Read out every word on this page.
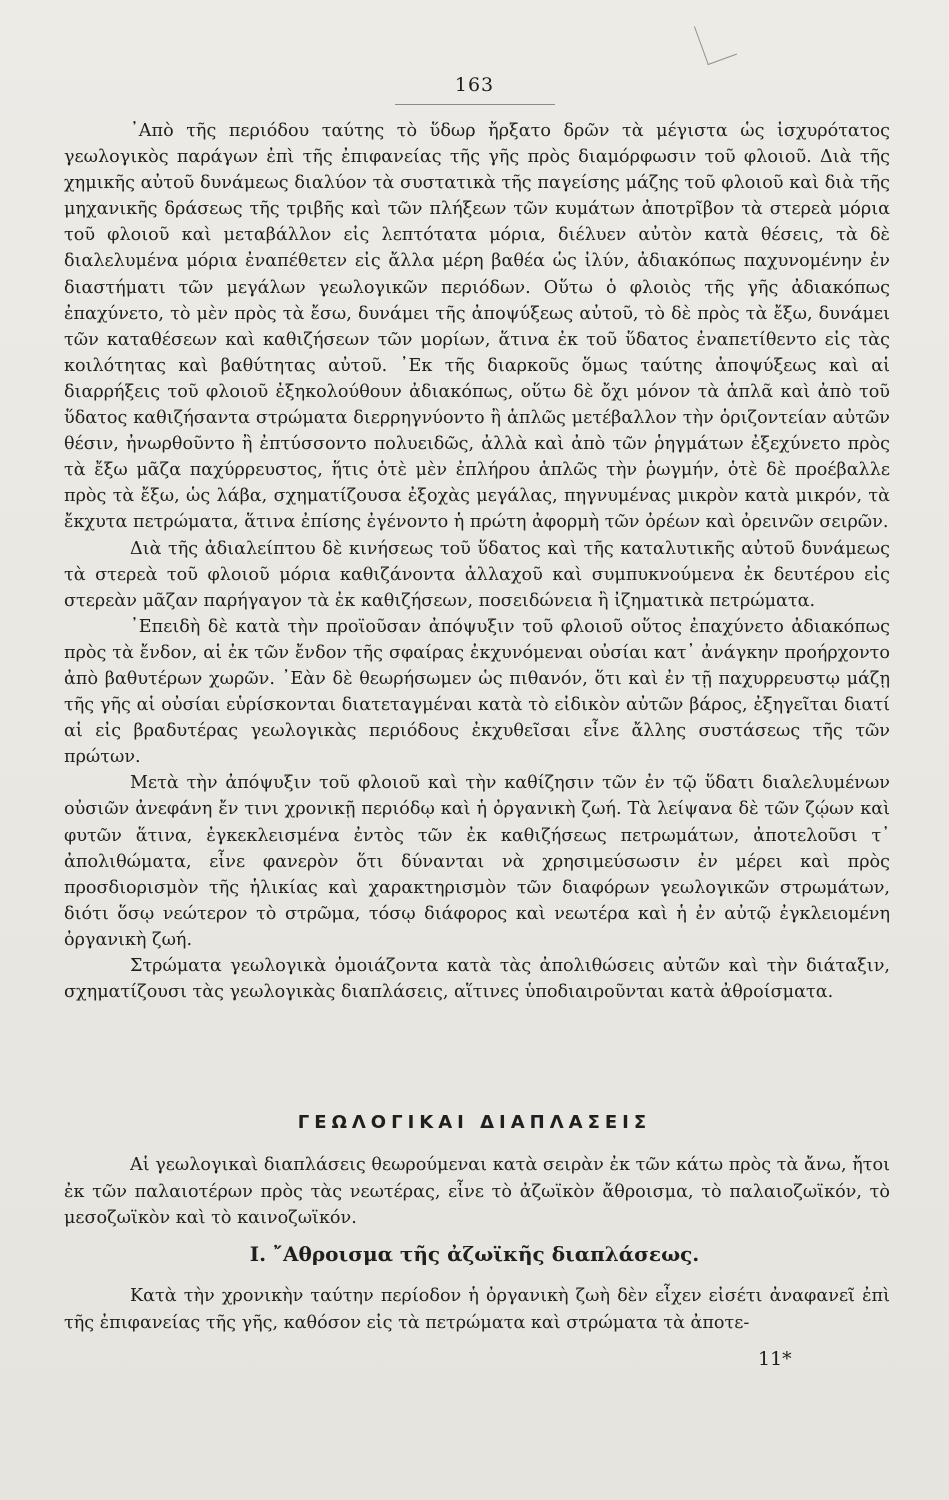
163

᾿Απὸ τῆς περιόδου ταύτης τὸ ὕδωρ ἤρξατο δρῶν τὰ μέγιστα ὡς ἰσχυρότατος γεωλογικὸς παράγων ἐπὶ τῆς ἐπιφανείας τῆς γῆς πρὸς διαμόρφωσιν τοῦ φλοιοῦ. Διὰ τῆς χημικῆς αὐτοῦ δυνάμεως διαλύον τὰ συστατικὰ τῆς παγείσης μάζης τοῦ φλοιοῦ καὶ διὰ τῆς μηχανικῆς δράσεως τῆς τριβῆς καὶ τῶν πλήξεων τῶν κυμάτων ἀποτρῖβον τὰ στερεὰ μόρια τοῦ φλοιοῦ καὶ μεταβάλλον εἰς λεπτότατα μόρια, διέλυεν αὐτὸν κατὰ θέσεις, τὰ δὲ διαλελυμένα μόρια ἐναπέθετεν εἰς ἄλλα μέρη βαθέα ὡς ἰλύν, ἀδιακόπως παχυνομένην ἐν διαστήματι τῶν μεγάλων γεωλογικῶν περιόδων. Οὕτω ὁ φλοιὸς τῆς γῆς ἀδιακόπως ἐπαχύνετο, τὸ μὲν πρὸς τὰ ἔσω, δυνάμει τῆς ἀποψύξεως αὐτοῦ, τὸ δὲ πρὸς τὰ ἔξω, δυνάμει τῶν καταθέσεων καὶ καθιζήσεων τῶν μορίων, ἅτινα ἐκ τοῦ ὕδατος ἐναπετίθεντο εἰς τὰς κοιλότητας καὶ βαθύτητας αὐτοῦ. ᾿Εκ τῆς διαρκοῦς ὅμως ταύτης ἀποψύξεως καὶ αἱ διαρρήξεις τοῦ φλοιοῦ ἐξηκολούθουν ἀδιακόπως, οὕτω δὲ ὄχι μόνον τὰ ἁπλᾶ καὶ ἀπὸ τοῦ ὕδατος καθιζήσαντα στρώματα διερρηγνύοντο ἢ ἁπλῶς μετέβαλλον τὴν ὁριζοντείαν αὐτῶν θέσιν, ἠνωρθοῦντο ἢ ἐπτύσσοντο πολυειδῶς, ἀλλὰ καὶ ἀπὸ τῶν ῥηγμάτων ἐξεχύνετο πρὸς τὰ ἔξω μᾶζα παχύρρευστος, ἥτις ὁτὲ μὲν ἐπλήρου ἁπλῶς τὴν ῥωγμήν, ὁτὲ δὲ προέβαλλε πρὸς τὰ ἔξω, ὡς λάβα, σχηματίζουσα ἐξοχὰς μεγάλας, πηγνυμένας μικρὸν κατὰ μικρόν, τὰ ἔκχυτα πετρώματα, ἅτινα ἐπίσης ἐγένοντο ἡ πρώτη ἀφορμὴ τῶν ὀρέων καὶ ὀρεινῶν σειρῶν.

Διὰ τῆς ἀδιαλείπτου δὲ κινήσεως τοῦ ὕδατος καὶ τῆς καταλυτικῆς αὐτοῦ δυνάμεως τὰ στερεὰ τοῦ φλοιοῦ μόρια καθιζάνοντα ἀλλαχοῦ καὶ συμπυκνούμενα ἐκ δευτέρου εἰς στερεὰν μᾶζαν παρήγαγον τὰ ἐκ καθιζήσεων, ποσειδώνεια ἢ ἰζηματικὰ πετρώματα.

᾿Επειδὴ δὲ κατὰ τὴν προϊοῦσαν ἀπόψυξιν τοῦ φλοιοῦ οὕτος ἐπαχύνετο ἀδιακόπως πρὸς τὰ ἔνδον, αἱ ἐκ τῶν ἔνδον τῆς σφαίρας ἐκχυνόμεναι οὐσίαι κατ᾿ ἀνάγκην προήρχοντο ἀπὸ βαθυτέρων χωρῶν. ᾿Εὰν δὲ θεωρήσωμεν ὡς πιθανόν, ὅτι καὶ ἐν τῇ παχυρρευστῳ μάζῃ τῆς γῆς αἱ οὐσίαι εὑρίσκονται διατεταγμέναι κατὰ τὸ εἰδικὸν αὐτῶν βάρος, ἐξηγεῖται διατί αἱ εἰς βραδυτέρας γεωλογικὰς περιόδους ἐκχυθεῖσαι εἶνε ἄλλης συστάσεως τῆς τῶν πρώτων.

Μετὰ τὴν ἀπόψυξιν τοῦ φλοιοῦ καὶ τὴν καθίζησιν τῶν ἐν τῷ ὕδατι διαλελυμένων οὐσιῶν ἀνεφάνη ἔν τινι χρονικῇ περιόδῳ καὶ ἡ ὀργανικὴ ζωή. Τὰ λείψανα δὲ τῶν ζῴων καὶ φυτῶν ἅτινα, ἐγκεκλεισμένα ἐντὸς τῶν ἐκ καθιζήσεως πετρωμάτων, ἀποτελοῦσι τ᾿ ἀπολιθώματα, εἶνε φανερὸν ὅτι δύνανται νὰ χρησιμεύσωσιν ἐν μέρει καὶ πρὸς προσδιορισμὸν τῆς ἡλικίας καὶ χαρακτηρισμὸν τῶν διαφόρων γεωλογικῶν στρωμάτων, διότι ὅσῳ νεώτερον τὸ στρῶμα, τόσῳ διάφορος καὶ νεωτέρα καὶ ἡ ἐν αὐτῷ ἐγκλειομένη ὀργανικὴ ζωή.

Στρώματα γεωλογικὰ ὁμοιάζοντα κατὰ τὰς ἀπολιθώσεις αὐτῶν καὶ τὴν διάταξιν, σχηματίζουσι τὰς γεωλογικὰς διαπλάσεις, αἵτινες ὑποδιαιροῦνται κατὰ ἀθροίσματα.

ΓΕΩΛΟΓΙΚΑΙ ΔΙΑΠΛΑΣΕΙΣ

Αἱ γεωλογικαὶ διαπλάσεις θεωρούμεναι κατὰ σειρὰν ἐκ τῶν κάτω πρὸς τὰ ἄνω, ἤτοι ἐκ τῶν παλαιοτέρων πρὸς τὰς νεωτέρας, εἶνε τὸ ἀζωϊκὸν ἄθροισμα, τὸ παλαιοζωϊκόν, τὸ μεσοζωϊκὸν καὶ τὸ καινοζωϊκόν.

I. ῎Αθροισμα τῆς ἀζωϊκῆς διαπλάσεως.

Κατὰ τὴν χρονικὴν ταύτην περίοδον ἡ ὀργανικὴ ζωὴ δὲν εἶχεν εἰσέτι ἀναφανεῖ ἐπὶ τῆς ἐπιφανείας τῆς γῆς, καθόσον εἰς τὰ πετρώματα καὶ στρώματα τὰ ἀποτε-

11*
